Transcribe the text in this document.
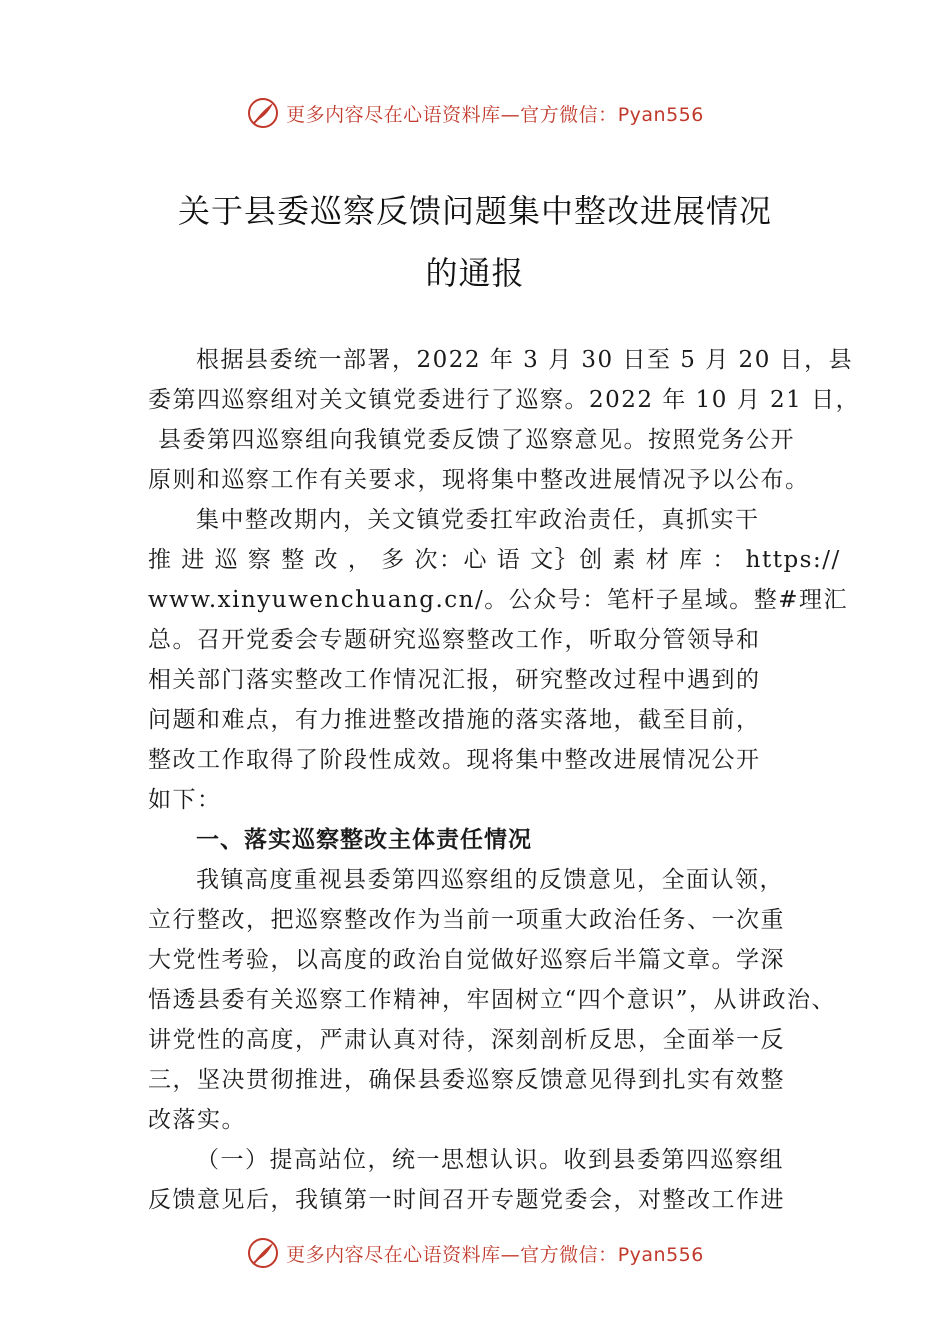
更多内容尽在心语资料库—官方微信：Pyan556
关于县委巡察反馈问题集中整改进展情况
的通报
根据县委统一部署，2022 年 3 月 30 日至 5 月 20 日，县
委第四巡察组对关文镇党委进行了巡察。2022 年 10 月 21 日，
县委第四巡察组向我镇党委反馈了巡察意见。按照党务公开
原则和巡察工作有关要求，现将集中整改进展情况予以公布。
集中整改期内，关文镇党委扛牢政治责任，真抓实干
推 进 巡 察 整 改 ， 多 次：心 语 文｝创 素 材 库 ： https://
www.xinyuwenchuang.cn/。公众号：笔杆子星域。整#理汇
总。召开党委会专题研究巡察整改工作，听取分管领导和
相关部门落实整改工作情况汇报，研究整改过程中遇到的
问题和难点，有力推进整改措施的落实落地，截至目前，
整改工作取得了阶段性成效。现将集中整改进展情况公开
如下：
一、落实巡察整改主体责任情况
我镇高度重视县委第四巡察组的反馈意见，全面认领，
立行整改，把巡察整改作为当前一项重大政治任务、一次重
大党性考验，以高度的政治自觉做好巡察后半篇文章。学深
悟透县委有关巡察工作精神，牢固树立“四个意识”，从讲政治、
讲党性的高度，严肃认真对待，深刻剖析反思，全面举一反
三，坚决贯彻推进，确保县委巡察反馈意见得到扎实有效整
改落实。
（一）提高站位，统一思想认识。收到县委第四巡察组
反馈意见后，我镇第一时间召开专题党委会，对整改工作进
更多内容尽在心语资料库—官方微信：Pyan556
